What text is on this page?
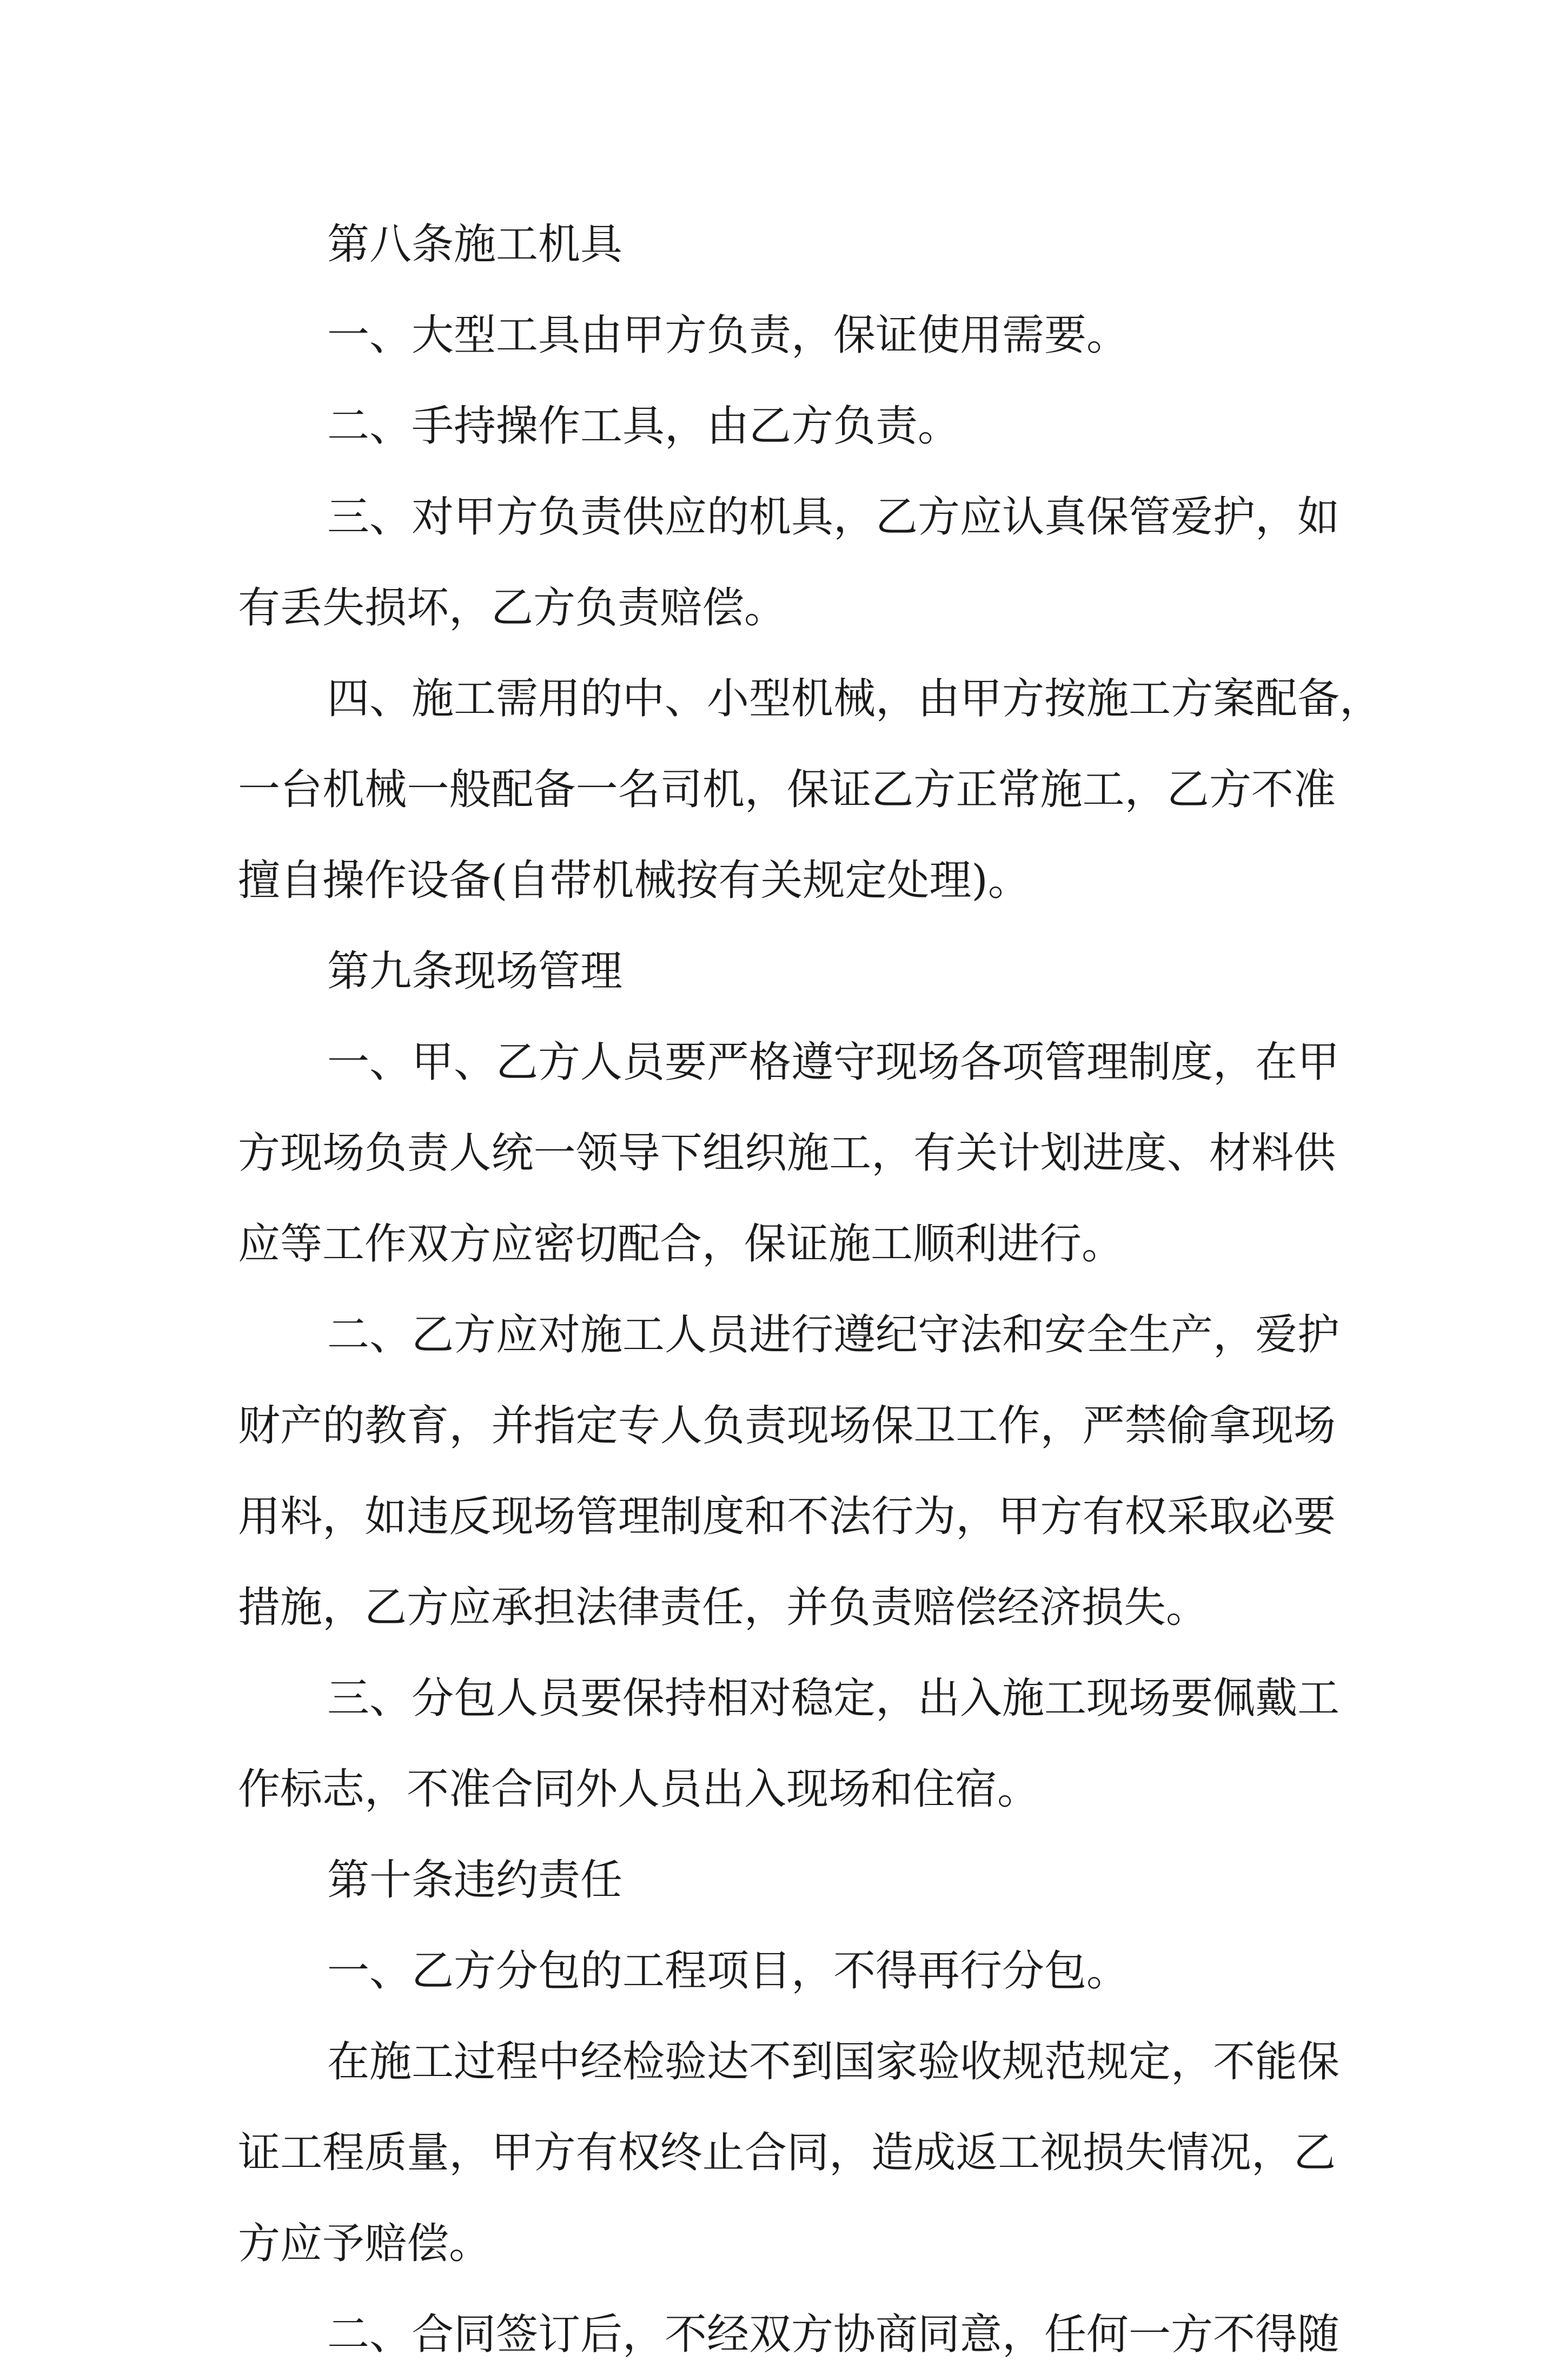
第八条施工机具
一、大型工具由甲方负责，保证使用需要。
二、手持操作工具，由乙方负责。
三、对甲方负责供应的机具，乙方应认真保管爱护，如
有丢失损坏，乙方负责赔偿。
四、施工需用的中、小型机械，由甲方按施工方案配备，
一台机械一般配备一名司机，保证乙方正常施工，乙方不准
擅自操作设备(自带机械按有关规定处理)。
第九条现场管理
一、甲、乙方人员要严格遵守现场各项管理制度，在甲
方现场负责人统一领导下组织施工，有关计划进度、材料供
应等工作双方应密切配合，保证施工顺利进行。
二、乙方应对施工人员进行遵纪守法和安全生产，爱护
财产的教育，并指定专人负责现场保卫工作，严禁偷拿现场
用料，如违反现场管理制度和不法行为，甲方有权采取必要
措施，乙方应承担法律责任，并负责赔偿经济损失。
三、分包人员要保持相对稳定，出入施工现场要佩戴工
作标志，不准合同外人员出入现场和住宿。
第十条违约责任
一、乙方分包的工程项目，不得再行分包。
在施工过程中经检验达不到国家验收规范规定，不能保
证工程质量，甲方有权终止合同，造成返工视损失情况，乙
方应予赔偿。
二、合同签订后，不经双方协商同意，任何一方不得随
